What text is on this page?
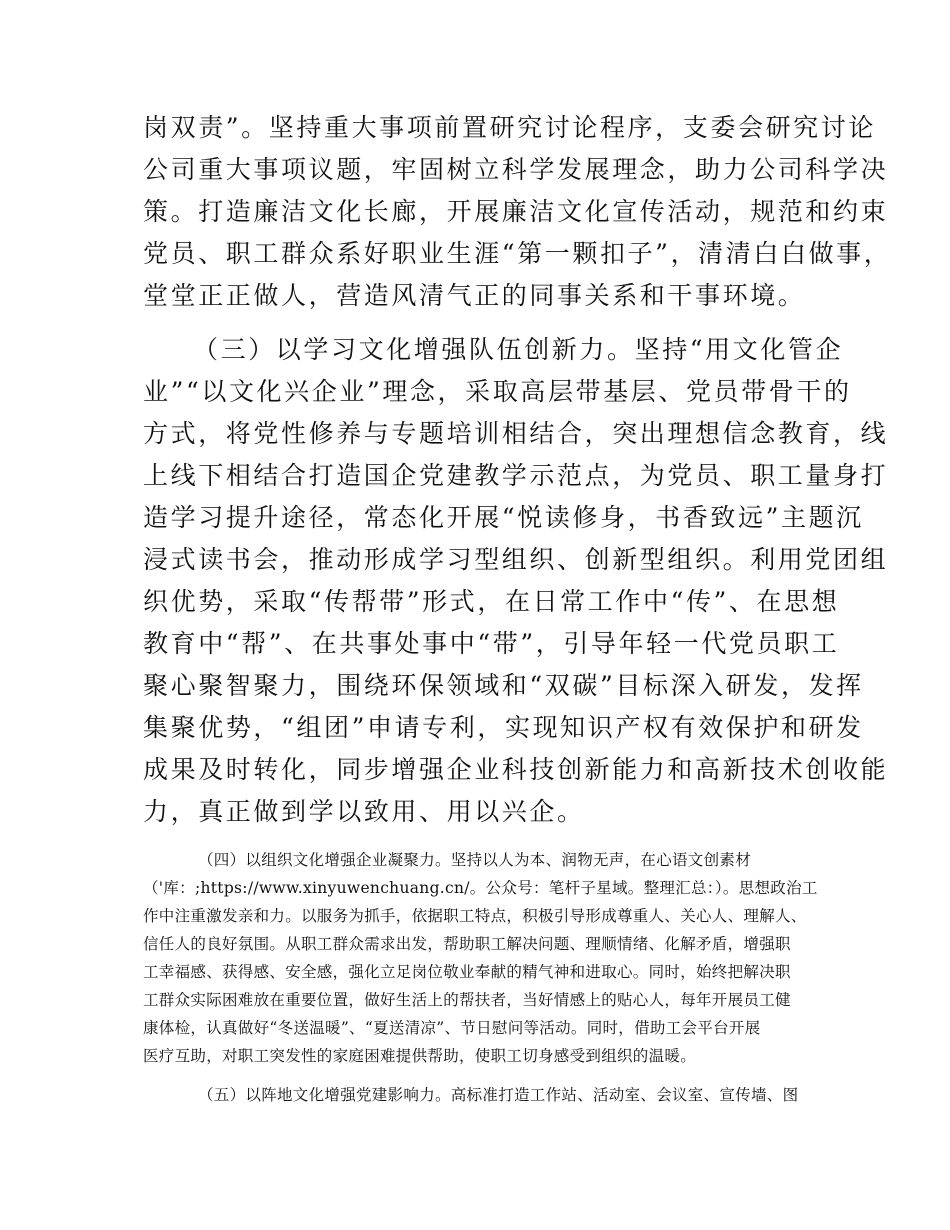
岗双责”。坚持重大事项前置研究讨论程序，支委会研究讨论

公司重大事项议题，牢固树立科学发展理念，助力公司科学决

策。打造廉洁文化长廊，开展廉洁文化宣传活动，规范和约束

党员、职工群众系好职业生涯“第一颗扣子”，清清白白做事，

堂堂正正做人，营造风清气正的同事关系和干事环境。

（三）以学习文化增强队伍创新力。坚持“用文化管企

业”“以文化兴企业”理念，采取高层带基层、党员带骨干的

方式，将党性修养与专题培训相结合，突出理想信念教育，线

上线下相结合打造国企党建教学示范点，为党员、职工量身打

造学习提升途径，常态化开展“悦读修身，书香致远”主题沉

浸式读书会，推动形成学习型组织、创新型组织。利用党团组

织优势，采取“传帮带”形式，在日常工作中“传”、在思想

教育中“帮”、在共事处事中“带”，引导年轻一代党员职工

聚心聚智聚力，围绕环保领域和“双碳”目标深入研发，发挥

集聚优势，“组团”申请专利，实现知识产权有效保护和研发

成果及时转化，同步增强企业科技创新能力和高新技术创收能

力，真正做到学以致用、用以兴企。

（四）以组织文化增强企业凝聚力。坚持以人为本、润物无声，在心语文创素材

（'库：;https://www.xinyuwenchuang.cn/。公众号：笔杆子星域。整理汇总：）。思想政治工

作中注重激发亲和力。以服务为抓手，依据职工特点，积极引导形成尊重人、关心人、理解人、

信任人的良好氛围。从职工群众需求出发，帮助职工解决问题、理顺情绪、化解矛盾，增强职

工幸福感、获得感、安全感，强化立足岗位敬业奉献的精气神和进取心。同时，始终把解决职

工群众实际困难放在重要位置，做好生活上的帮扶者，当好情感上的贴心人，每年开展员工健

康体检，认真做好“冬送温暖”、“夏送清凉”、节日慰问等活动。同时，借助工会平台开展

医疗互助，对职工突发性的家庭困难提供帮助，使职工切身感受到组织的温暖。

（五）以阵地文化增强党建影响力。高标准打造工作站、活动室、会议室、宣传墙、图
